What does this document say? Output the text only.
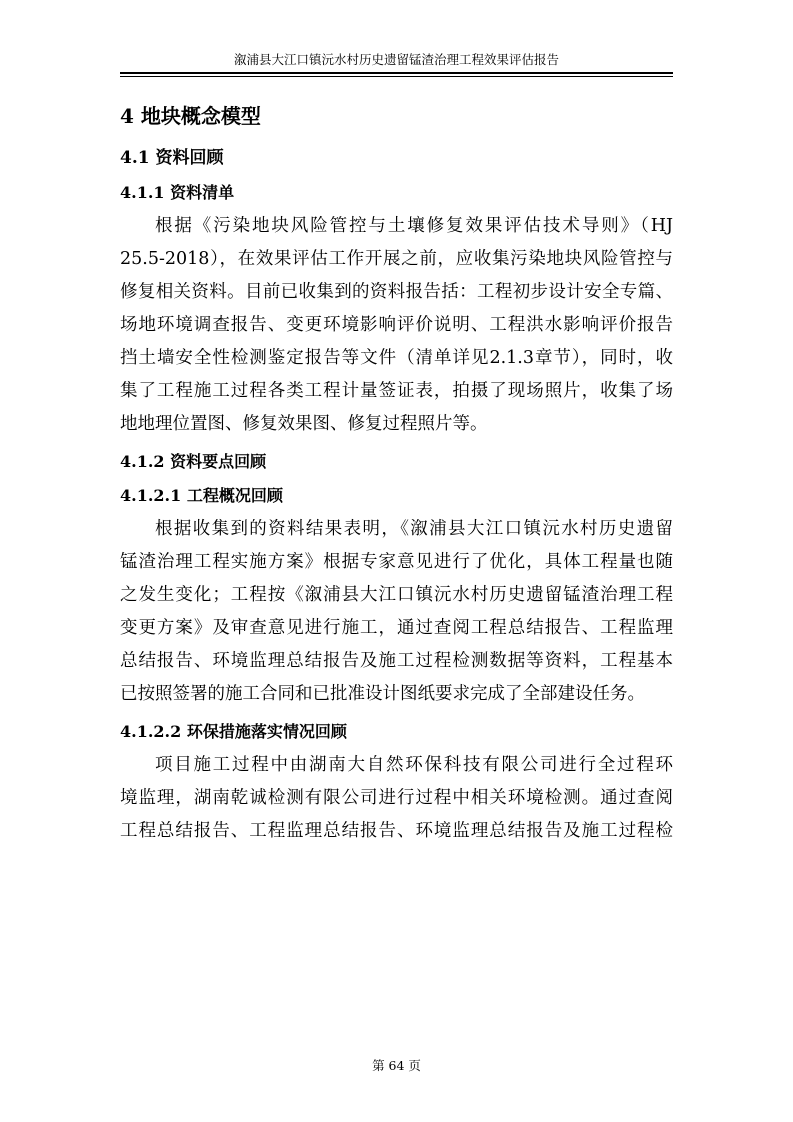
溆浦县大江口镇沅水村历史遗留锰渣治理工程效果评估报告
4 地块概念模型
4.1 资料回顾
4.1.1 资料清单
根据《污染地块风险管控与土壤修复效果评估技术导则》（HJ
25.5-2018），在效果评估工作开展之前，应收集污染地块风险管控与
修复相关资料。目前已收集到的资料报告括：工程初步设计安全专篇、
场地环境调查报告、变更环境影响评价说明、工程洪水影响评价报告
挡土墙安全性检测鉴定报告等文件（清单详见2.1.3章节），同时，收
集了工程施工过程各类工程计量签证表，拍摄了现场照片，收集了场
地地理位置图、修复效果图、修复过程照片等。
4.1.2 资料要点回顾
4.1.2.1 工程概况回顾
根据收集到的资料结果表明，《溆浦县大江口镇沅水村历史遗留
锰渣治理工程实施方案》根据专家意见进行了优化，具体工程量也随
之发生变化；工程按《溆浦县大江口镇沅水村历史遗留锰渣治理工程
变更方案》及审查意见进行施工，通过查阅工程总结报告、工程监理
总结报告、环境监理总结报告及施工过程检测数据等资料，工程基本
已按照签署的施工合同和已批准设计图纸要求完成了全部建设任务。
4.1.2.2 环保措施落实情况回顾
项目施工过程中由湖南大自然环保科技有限公司进行全过程环
境监理，湖南乾诚检测有限公司进行过程中相关环境检测。通过查阅
工程总结报告、工程监理总结报告、环境监理总结报告及施工过程检
第 64 页
